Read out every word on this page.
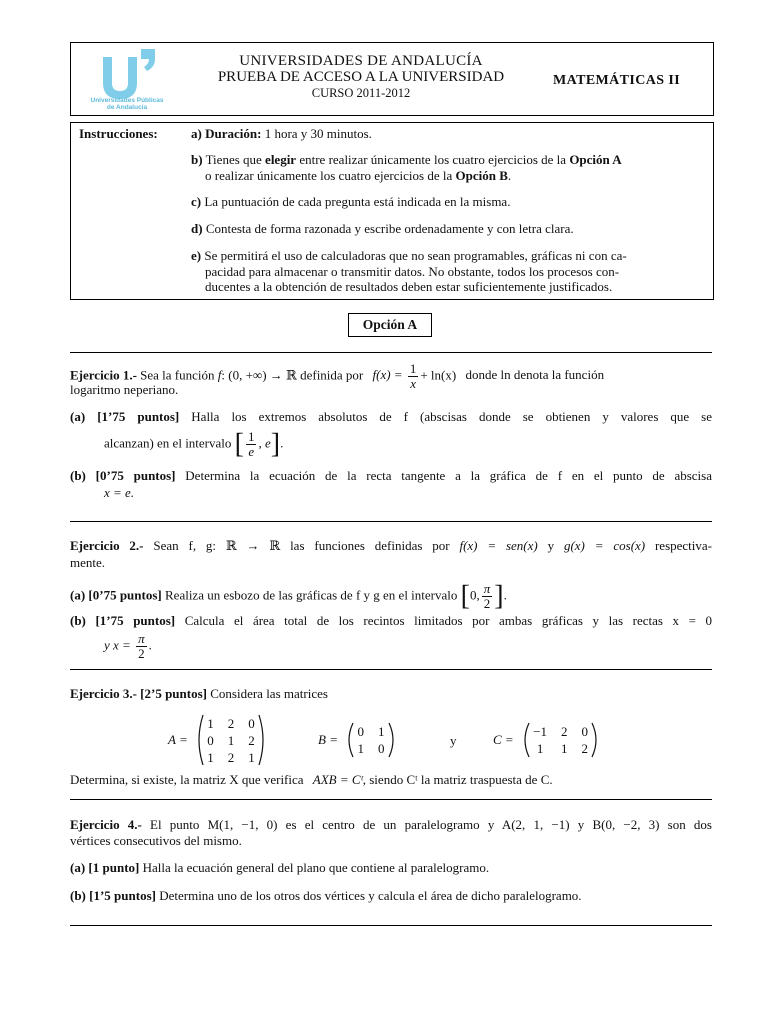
Universidades Públicas
de Andalucía
UNIVERSIDADES DE ANDALUCÍA
PRUEBA DE ACCESO A LA UNIVERSIDAD
CURSO 2011-2012
MATEMÁTICAS II
Instrucciones:	a) Duración: 1 hora y 30 minutos.
b) Tienes que elegir entre realizar únicamente los cuatro ejercicios de la Opción A
o realizar únicamente los cuatro ejercicios de la Opción B.
c) La puntuación de cada pregunta está indicada en la misma.
d) Contesta de forma razonada y escribe ordenadamente y con letra clara.
e) Se permitirá el uso de calculadoras que no sean programables, gráficas ni con ca-
pacidad para almacenar o transmitir datos. No obstante, todos los procesos con-
ducentes a la obtención de resultados deben estar suficientemente justificados.
Opción A
Ejercicio 1.- Sea la función f: (0, +∞) → ℝ definida por $f(x) = \frac{1}{x} + \ln(x)$ donde ln denota la función
logaritmo neperiano.
(a) [1’75 puntos] Halla los extremos absolutos de f (abscisas donde se obtienen y valores que se
alcanzan) en el intervalo [ $\frac{1}{e}$ , e].
(b) [0’75 puntos] Determina la ecuación de la recta tangente a la gráfica de f en el punto de abscisa
x = e.
Ejercicio 2.- Sean f, g: ℝ → ℝ las funciones definidas por f(x) = sen(x) y g(x) = cos(x) respectiva-
mente.
(a) [0’75 puntos] Realiza un esbozo de las gráficas de f y g en el intervalo [0, $\frac{\pi}{2}$ ].
(b) [1’75 puntos] Calcula el área total de los recintos limitados por ambas gráficas y las rectas x = 0
y $x = \frac{\pi}{2}$ .
Ejercicio 3.- [2’5 puntos] Considera las matrices
A =
1 2 0
0 1 2
1 2 1

B =
0 1
1 0

y	C =
−1 2 0
1 1 2

Determina, si existe, la matriz X que verifica AXB = Cᵗ, siendo Cᵗ la matriz traspuesta de C.
Ejercicio 4.- El punto M(1, −1, 0) es el centro de un paralelogramo y A(2, 1, −1) y B(0, −2, 3) son dos
vértices consecutivos del mismo.
(a) [1 punto] Halla la ecuación general del plano que contiene al paralelogramo.
(b) [1’5 puntos] Determina uno de los otros dos vértices y calcula el área de dicho paralelogramo.
